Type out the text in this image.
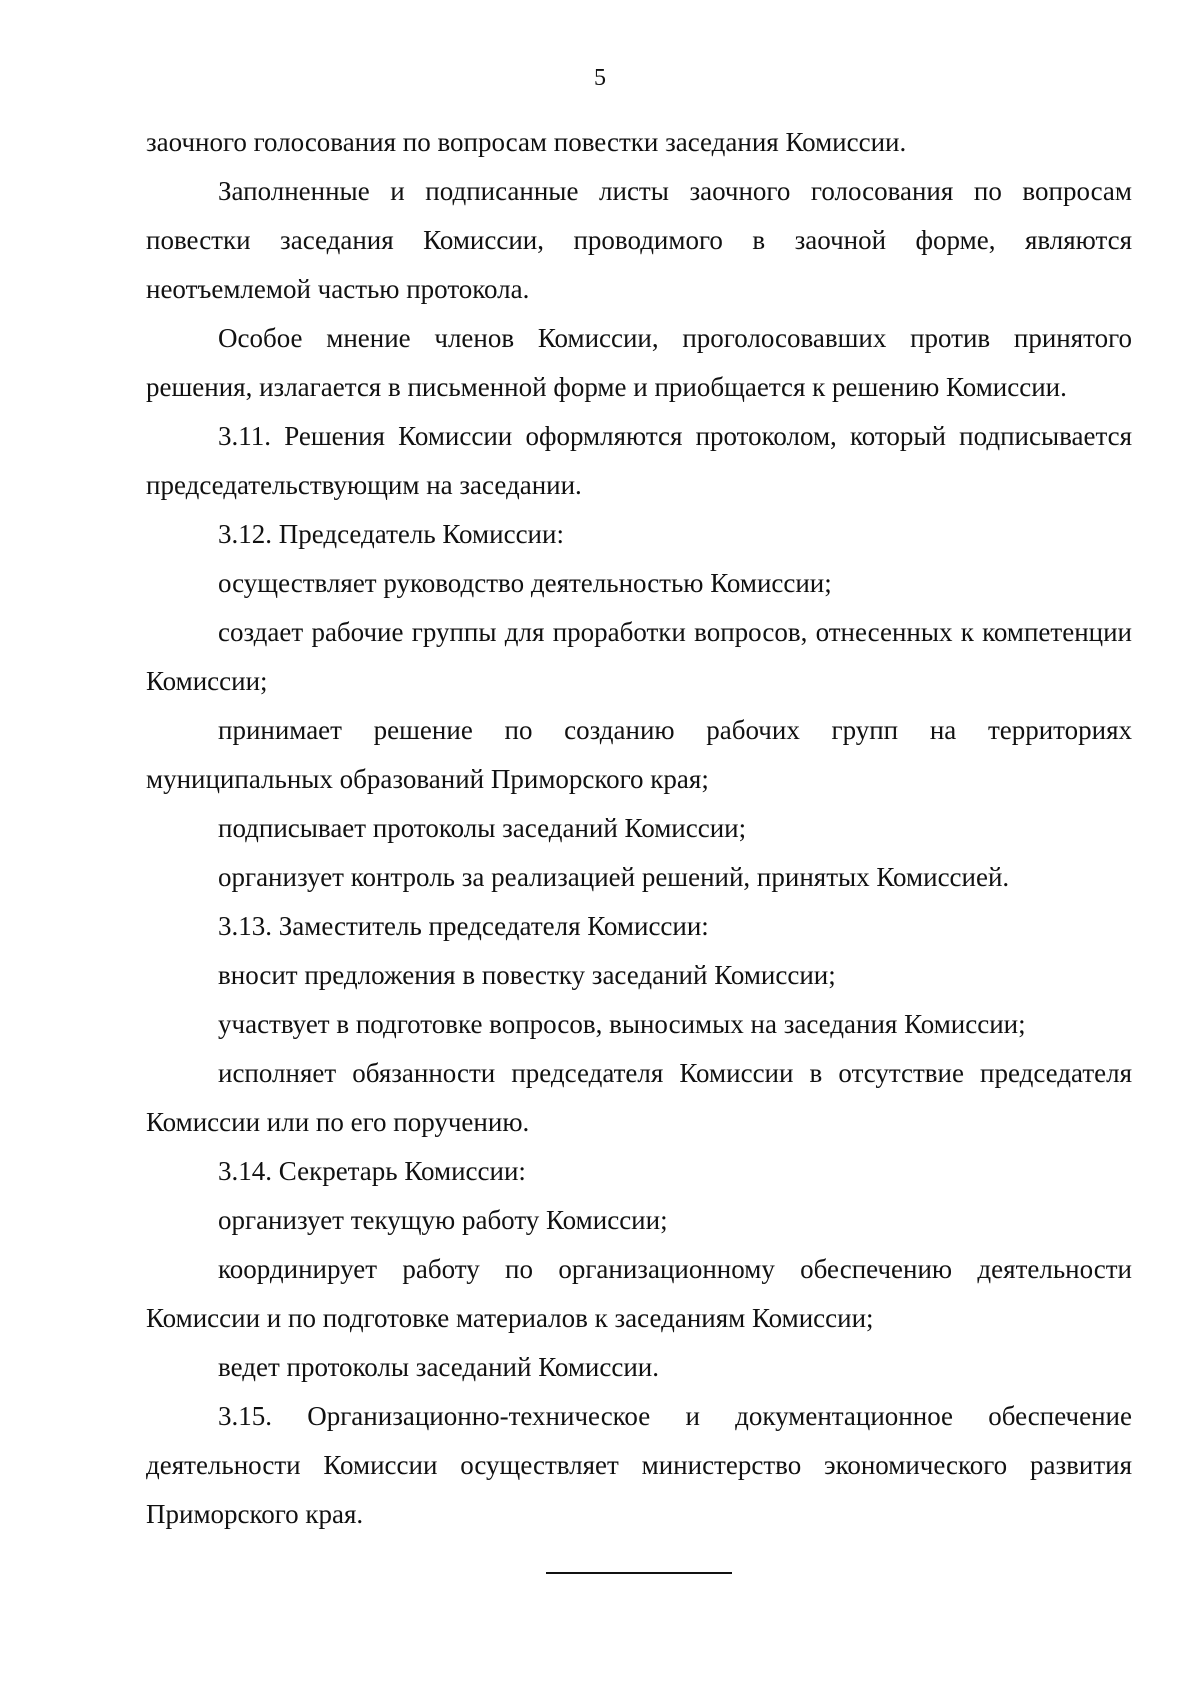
5

заочного голосования по вопросам повестки заседания Комиссии.

Заполненные и подписанные листы заочного голосования по вопросам повестки заседания Комиссии, проводимого в заочной форме, являются неотъемлемой частью протокола.

Особое мнение членов Комиссии, проголосовавших против принятого решения, излагается в письменной форме и приобщается к решению Комиссии.

3.11. Решения Комиссии оформляются протоколом, который подписывается председательствующим на заседании.

3.12. Председатель Комиссии:

осуществляет руководство деятельностью Комиссии;

создает рабочие группы для проработки вопросов, отнесенных к компетенции Комиссии;

принимает решение по созданию рабочих групп на территориях муниципальных образований Приморского края;

подписывает протоколы заседаний Комиссии;

организует контроль за реализацией решений, принятых Комиссией.

3.13. Заместитель председателя Комиссии:

вносит предложения в повестку заседаний Комиссии;

участвует в подготовке вопросов, выносимых на заседания Комиссии;

исполняет обязанности председателя Комиссии в отсутствие председателя Комиссии или по его поручению.

3.14. Секретарь Комиссии:

организует текущую работу Комиссии;

координирует работу по организационному обеспечению деятельности Комиссии и по подготовке материалов к заседаниям Комиссии;

ведет протоколы заседаний Комиссии.

3.15. Организационно-техническое и документационное обеспечение деятельности Комиссии осуществляет министерство экономического развития Приморского края.
